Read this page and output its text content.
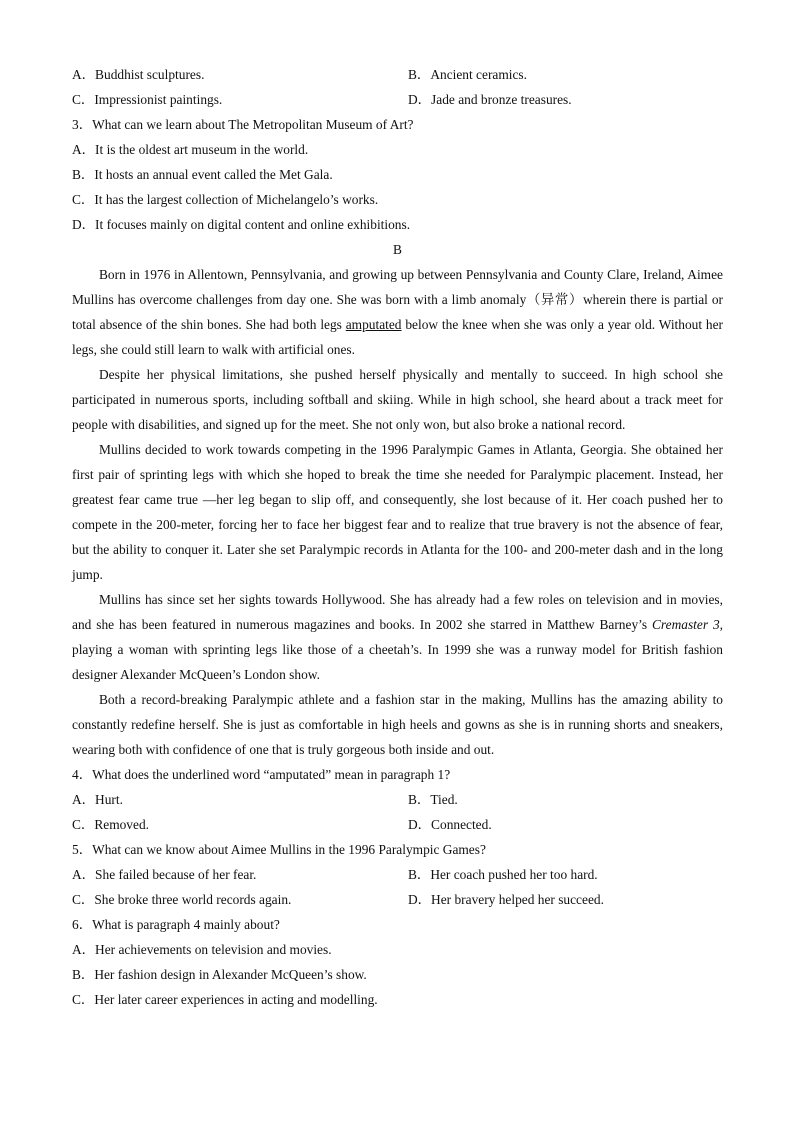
A．Buddhist sculptures.	B．Ancient ceramics.
C．Impressionist paintings.	D．Jade and bronze treasures.
3．What can we learn about The Metropolitan Museum of Art?
A．It is the oldest art museum in the world.
B．It hosts an annual event called the Met Gala.
C．It has the largest collection of Michelangelo’s works.
D．It focuses mainly on digital content and online exhibitions.
B

Born in 1976 in Allentown, Pennsylvania, and growing up between Pennsylvania and County Clare, Ireland, Aimee Mullins has overcome challenges from day one. She was born with a limb anomaly（异常）wherein there is partial or total absence of the shin bones. She had both legs amputated below the knee when she was only a year old. Without her legs, she could still learn to walk with artificial ones.

Despite her physical limitations, she pushed herself physically and mentally to succeed. In high school she participated in numerous sports, including softball and skiing. While in high school, she heard about a track meet for people with disabilities, and signed up for the meet. She not only won, but also broke a national record.

Mullins decided to work towards competing in the 1996 Paralympic Games in Atlanta, Georgia. She obtained her first pair of sprinting legs with which she hoped to break the time she needed for Paralympic placement. Instead, her greatest fear came true —her leg began to slip off, and consequently, she lost because of it. Her coach pushed her to compete in the 200-meter, forcing her to face her biggest fear and to realize that true bravery is not the absence of fear, but the ability to conquer it. Later she set Paralympic records in Atlanta for the 100- and 200-meter dash and in the long jump.

Mullins has since set her sights towards Hollywood. She has already had a few roles on television and in movies, and she has been featured in numerous magazines and books. In 2002 she starred in Matthew Barney’s Cremaster 3, playing a woman with sprinting legs like those of a cheetah’s. In 1999 she was a runway model for British fashion designer Alexander McQueen’s London show.

Both a record-breaking Paralympic athlete and a fashion star in the making, Mullins has the amazing ability to constantly redefine herself. She is just as comfortable in high heels and gowns as she is in running shorts and sneakers, wearing both with confidence of one that is truly gorgeous both inside and out.

4．What does the underlined word “amputated” mean in paragraph 1?
A．Hurt.	B．Tied.
C．Removed.	D．Connected.
5．What can we know about Aimee Mullins in the 1996 Paralympic Games?
A．She failed because of her fear.	B．Her coach pushed her too hard.
C．She broke three world records again.	D．Her bravery helped her succeed.
6．What is paragraph 4 mainly about?
A．Her achievements on television and movies.
B．Her fashion design in Alexander McQueen’s show.
C．Her later career experiences in acting and modelling.
